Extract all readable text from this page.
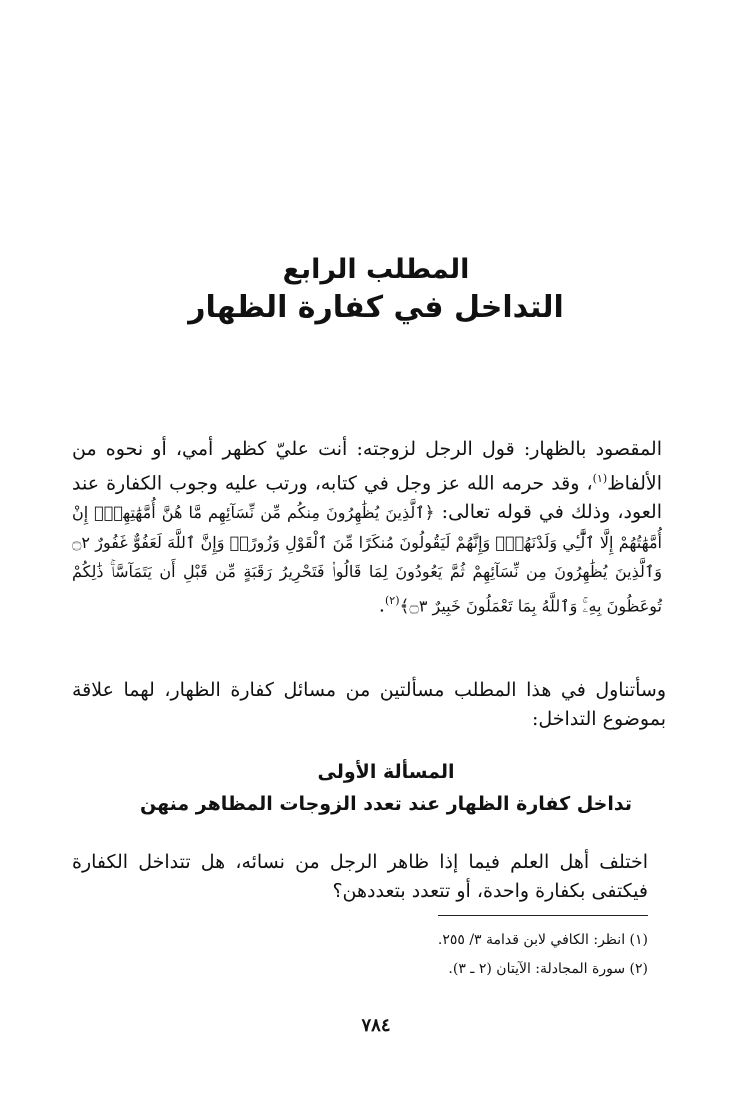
المطلب الرابع
التداخل في كفارة الظهار

المقصود بالظهار: قول الرجل لزوجته: أنت عليّ كظهر أمي، أو نحوه من الألفاظ$^{(١)}$، وقد حرمه الله عز وجل في كتابه، ورتب عليه وجوب الكفارة عند العود، وذلك في قوله تعالى: ﴿ٱلَّذِينَ يُظَٰهِرُونَ مِنكُم مِّن نِّسَآئِهِم مَّا هُنَّ أُمَّهَٰتِهِمْۖ إِنْ أُمَّهَٰتُهُمْ إِلَّا ٱلَّٰٓـِٔي وَلَدْنَهُمْۚ وَإِنَّهُمْ لَيَقُولُونَ مُنكَرًا مِّنَ ٱلْقَوْلِ وَزُورًاۚ وَإِنَّ ٱللَّهَ لَعَفُوٌّ غَفُورٌ ۝٢ وَٱلَّذِينَ يُظَٰهِرُونَ مِن نِّسَآئِهِمْ ثُمَّ يَعُودُونَ لِمَا قَالُوا۟ فَتَحْرِيرُ رَقَبَةٍ مِّن قَبْلِ أَن يَتَمَآسَّاۚ ذَٰلِكُمْ تُوعَظُونَ بِهِۦۚ وَٱللَّهُ بِمَا تَعْمَلُونَ خَبِيرٌ ۝٣﴾$^{(٢)}$.

وسأتناول في هذا المطلب مسألتين من مسائل كفارة الظهار، لهما علاقة بموضوع التداخل:

المسألة الأولى
تداخل كفارة الظهار عند تعدد الزوجات المظاهر منهن

اختلف أهل العلم فيما إذا ظاهر الرجل من نسائه، هل تتداخل الكفارة فيكتفى بكفارة واحدة، أو تتعدد بتعددهن؟

(١) انظر: الكافي لابن قدامة ٣/ ٢٥٥.
(٢) سورة المجادلة: الآيتان (٢ ـ ٣).
٧٨٤
